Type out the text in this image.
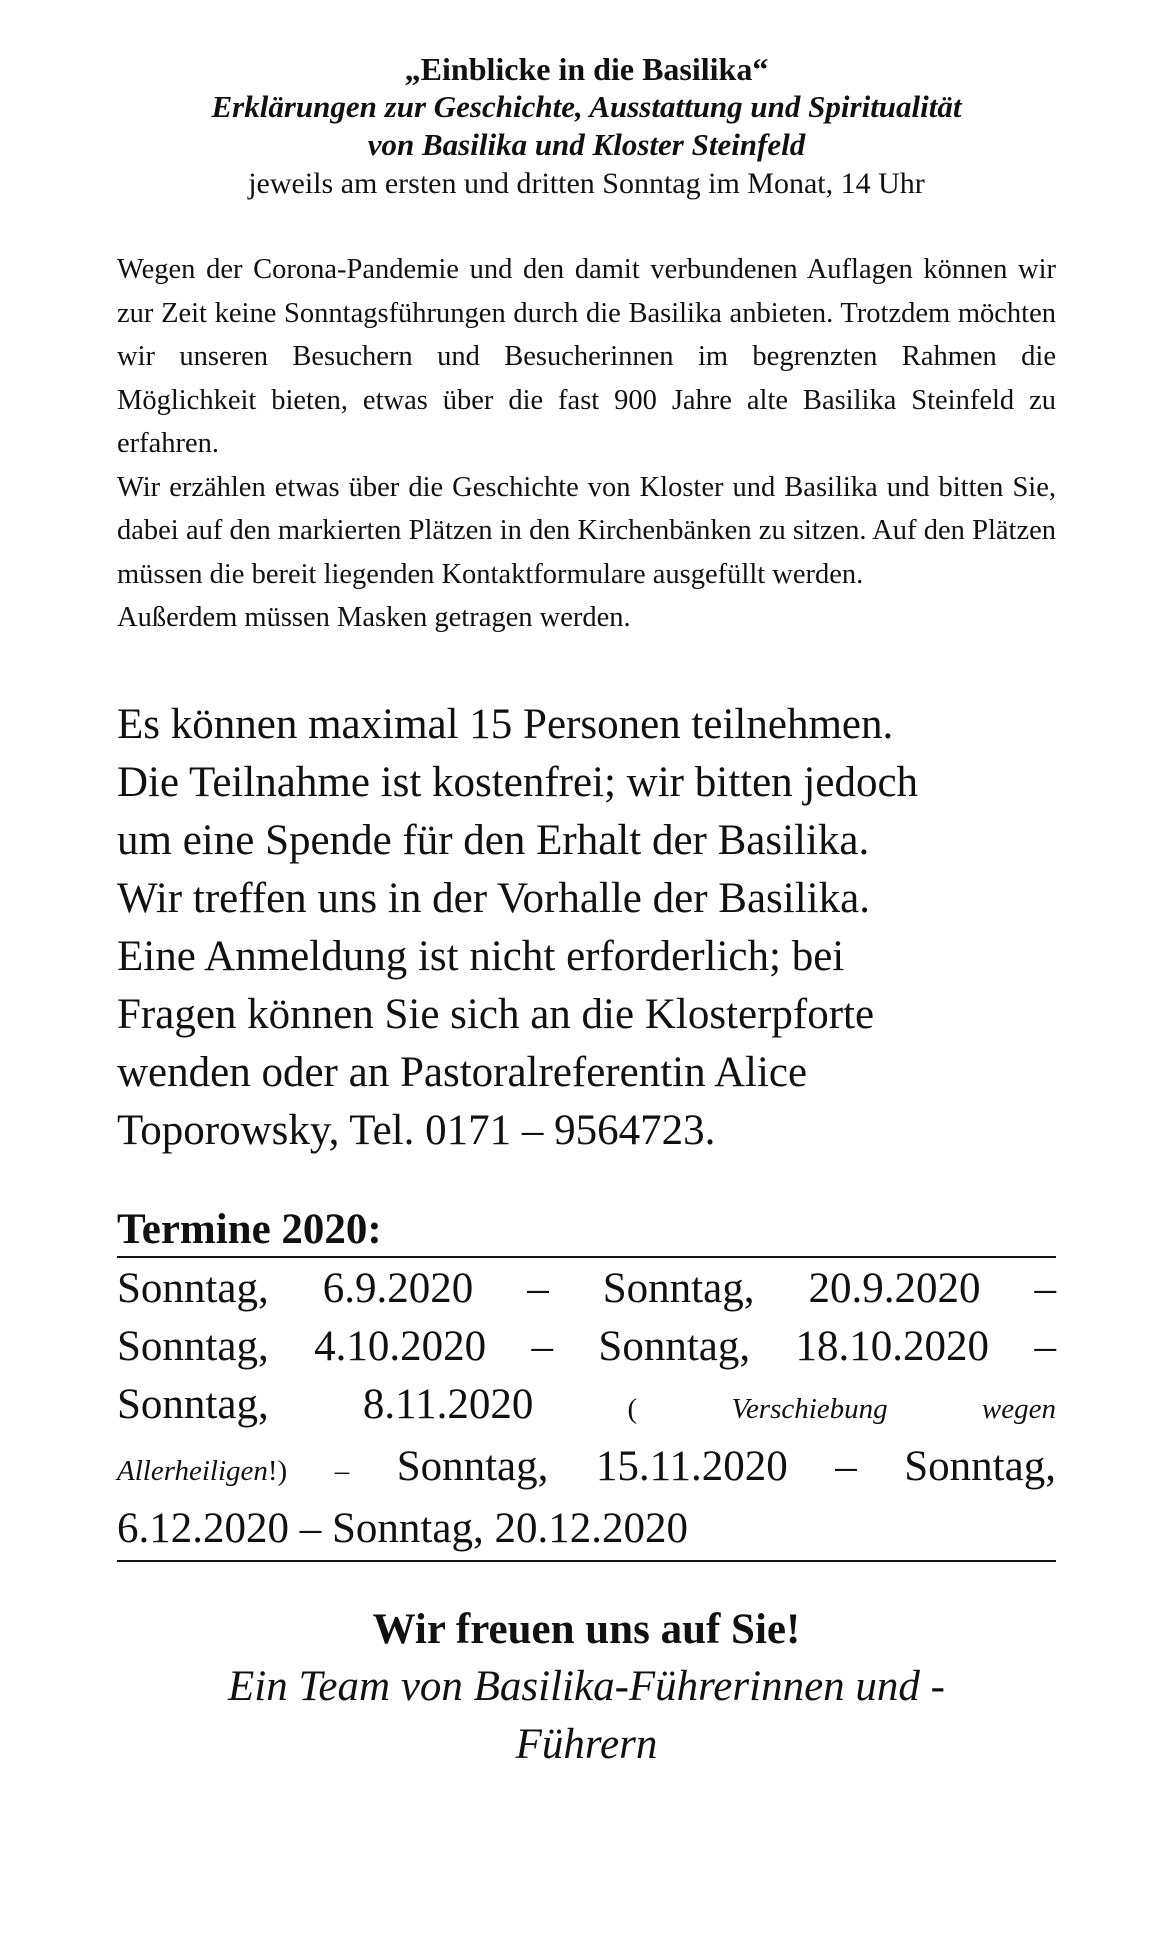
„Einblicke in die Basilika“

Erklärungen zur Geschichte, Ausstattung und Spiritualität

von Basilika und Kloster Steinfeld

jeweils am ersten und dritten Sonntag im Monat, 14 Uhr

Wegen der Corona-Pandemie und den damit verbundenen Auflagen können wir zur Zeit keine Sonntagsführungen durch die Basilika anbieten. Trotzdem möchten wir unseren Besuchern und Besucherinnen im begrenzten Rahmen die Möglichkeit bieten, etwas über die fast 900 Jahre alte Basilika Steinfeld zu erfahren.

Wir erzählen etwas über die Geschichte von Kloster und Basilika und bitten Sie, dabei auf den markierten Plätzen in den Kirchenbänken zu sitzen. Auf den Plätzen müssen die bereit liegenden Kontaktformulare ausgefüllt werden.

Außerdem müssen Masken getragen werden.

Es können maximal 15 Personen teilnehmen.

Die Teilnahme ist kostenfrei; wir bitten jedoch

um eine Spende für den Erhalt der Basilika.

Wir treffen uns in der Vorhalle der Basilika.

Eine Anmeldung ist nicht erforderlich; bei

Fragen können Sie sich an die Klosterpforte

wenden oder an Pastoralreferentin Alice

Toporowsky, Tel. 0171 – 9564723.

Termine 2020:
Sonntag, 6.9.2020 – Sonntag, 20.9.2020 –
Sonntag, 4.10.2020 – Sonntag, 18.10.2020 –
Sonntag, 8.11.2020	(	Verschiebung	wegen
Allerheiligen!) – Sonntag, 15.11.2020 – Sonntag,
6.12.2020 – Sonntag, 20.12.2020

Wir freuen uns auf Sie!

Ein Team von Basilika-Führerinnen und -

Führern
